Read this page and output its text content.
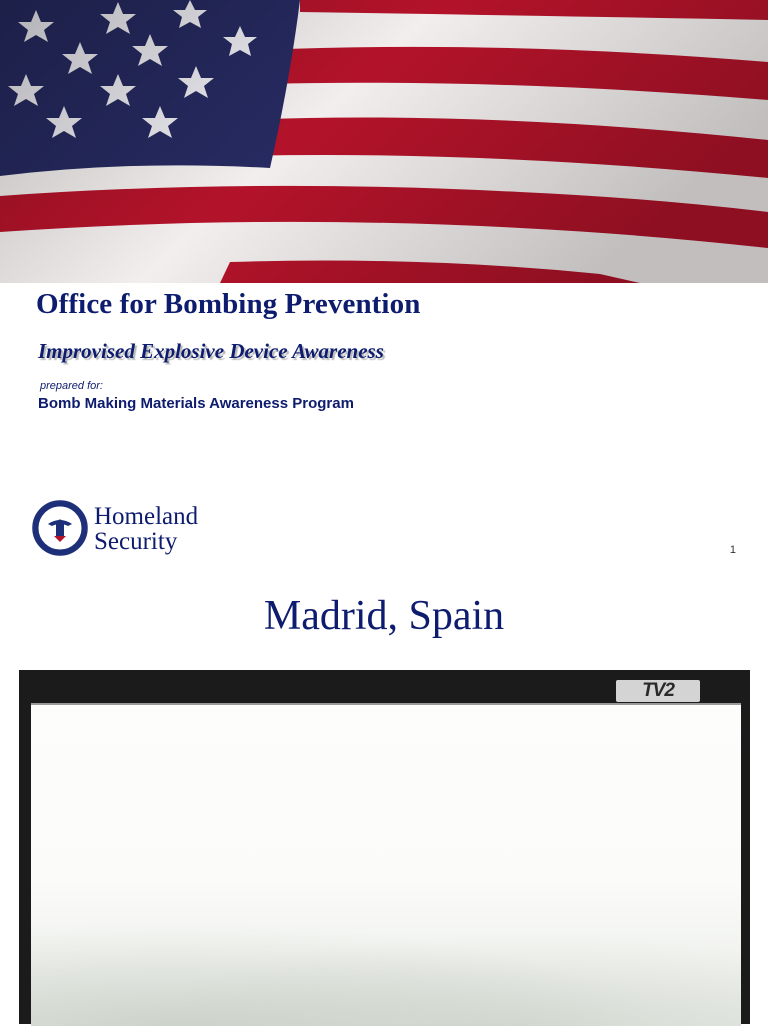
Office for Bombing Prevention
Improvised Explosive Device Awareness
prepared for:
Bomb Making Materials Awareness Program
Homeland
Security	1
Madrid, Spain
TV2
